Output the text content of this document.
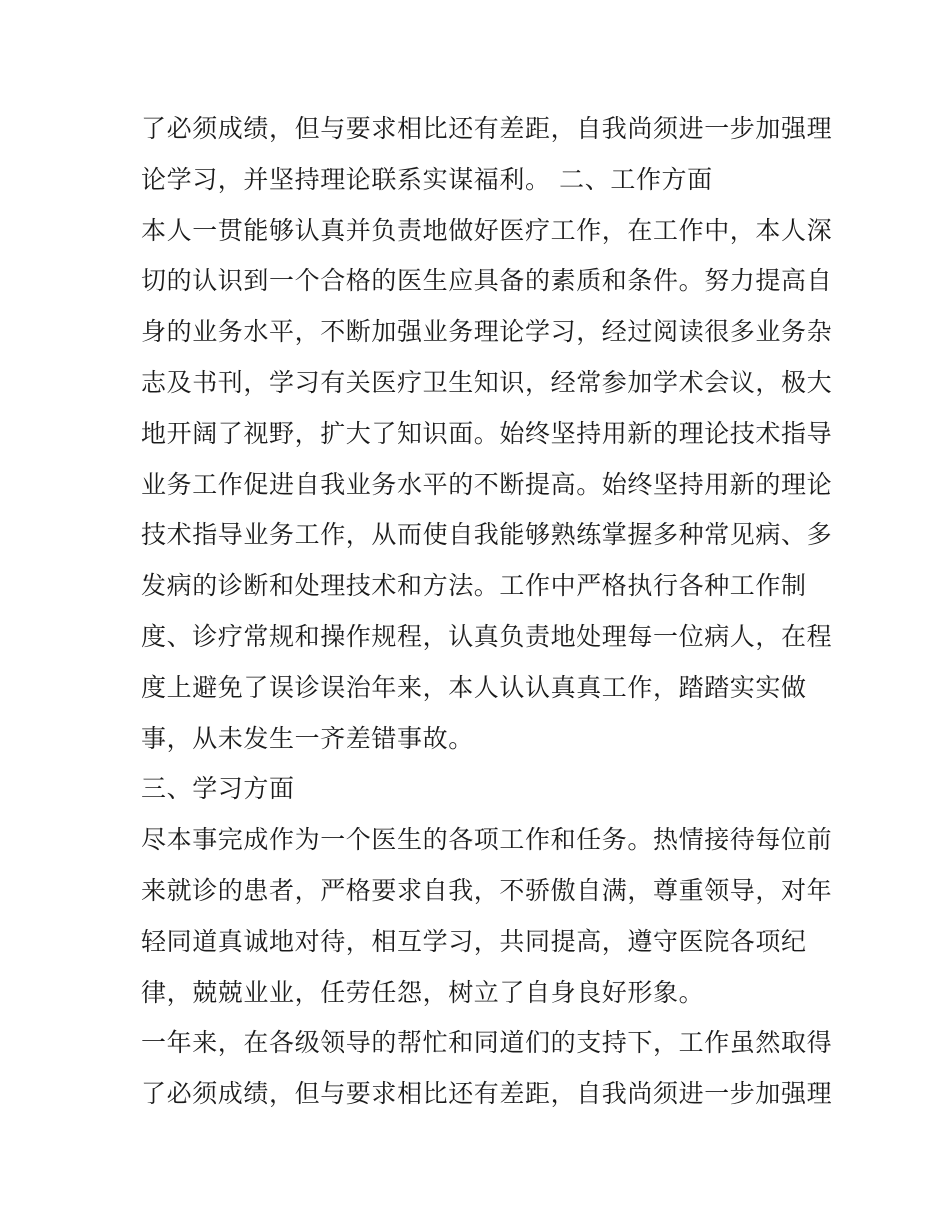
了必须成绩，但与要求相比还有差距，自我尚须进一步加强理
论学习，并坚持理论联系实谋福利。 二、工作方面
本人一贯能够认真并负责地做好医疗工作，在工作中，本人深
切的认识到一个合格的医生应具备的素质和条件。努力提高自
身的业务水平，不断加强业务理论学习，经过阅读很多业务杂
志及书刊，学习有关医疗卫生知识，经常参加学术会议，极大
地开阔了视野，扩大了知识面。始终坚持用新的理论技术指导
业务工作促进自我业务水平的不断提高。始终坚持用新的理论
技术指导业务工作，从而使自我能够熟练掌握多种常见病、多
发病的诊断和处理技术和方法。工作中严格执行各种工作制
度、诊疗常规和操作规程，认真负责地处理每一位病人，在程
度上避免了误诊误治年来，本人认认真真工作，踏踏实实做
事，从未发生一齐差错事故。
三、学习方面
尽本事完成作为一个医生的各项工作和任务。热情接待每位前
来就诊的患者，严格要求自我，不骄傲自满，尊重领导，对年
轻同道真诚地对待，相互学习，共同提高，遵守医院各项纪
律，兢兢业业，任劳任怨，树立了自身良好形象。
一年来，在各级领导的帮忙和同道们的支持下，工作虽然取得
了必须成绩，但与要求相比还有差距，自我尚须进一步加强理
